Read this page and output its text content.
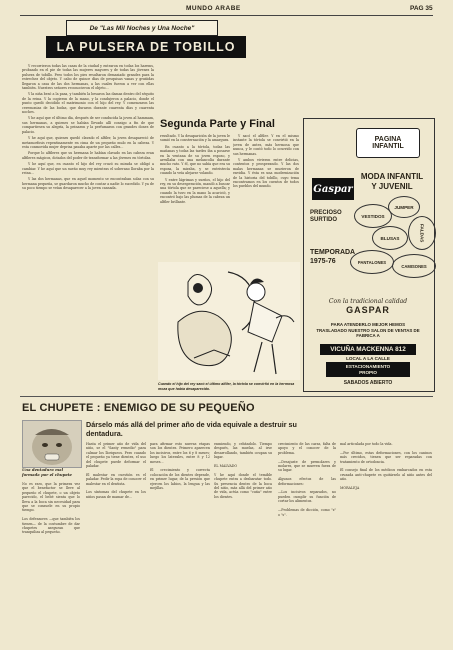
MUNDO ARABE	PAG 35
De "Las Mil Noches y Una Noche"
LA PULSERA DE TOBILLO

Y recorrieron todas las casas de la ciudad y entraron en todas los harems, probando en el pie de todas las mujeres mayores y de todas las jóvenes la pulsera de tobillo. Pero todos los pies resultaron demasiado grandes para la estrechez del objeto. Y cabo de quince días de pesquisas vanas y gruñidas llegaron a casa de las dos hermanas, a las cuales fueron a ver con ellas también. Nuestros señores reconocieron el objeto...

Y la niña besó a la pasa, y también la besaron las damas dentro del séquito de la reina. Y la cogieron de la mano, y la condujeron a palacio, donde el punto quedó decidido el matrimonio con el hijo del rey. Y comenzaron las ceremonias de las bodas, que duraron durante cuarenta días y cuarenta noches.

Y he aquí que el último día, después de ser conducida la joven al hammam, sus hermanas, a quienes se habían llevado allí consigo a fin de que compartiesen su alegría, la peinaron y la perfumaron con grandes dones de palacio.

Y he aquí que, quienes quedó clavado el alfiler, la joven desapareció de metamorfosis repentinamente en cima de un pequeño mulo en la cabeza. Y esta conmovida mujer deprisa pasaba aparte por las calles...

Porque lo alfileres que su hermana le habían clavado en las cabeza eran alfileres mágicos, dotados del poder de transformar a las jóvenes en tórtolas.

Y he aquí que, en cuanto el hijo del rey cruzó su mirada se obligó a cambiar. Y he aquí que un sueño muy rey mientras el soberano lloraba por la reina...

Y las dos hermanas, que en aquel momento se encontraban solas con su hermana pequeña, se guardaron mucho de contar a nadie lo sucedido. Y ya de su poco tiempo se veían desaparecer a la joven cansada.

Segunda Parte y Final

resultado. Y la desaparición de la joven le sumió en la consternación y la amargura.

En cuanto a la tórtola, todas las mañanas y todas las tardes iba a posarse en la ventana de su joven esposo, y arrullaba con una melancolía durante mucho rato. Y él, que no sabía que era su esposa, la miraba, y se entristecía cuando la veía alejarse volando.

Y entre lágrimas y sueños, el hijo del rey, en su desesperación, mandó a buscar una tórtola que se pareciese a aquella; y cuando la tuvo en la mano la acarició, y encontró bajo las plumas de la cabeza un alfiler brillante.

Y sacó el alfiler. Y en el mismo instante la tórtola se convirtió en la joven de antes, más hermosa que nunca, y le contó todo lo ocurrido con sus hermanas.

Y ambos vivieron entre delicias, contentos y prosperando. Y las dos malas hermanas se murieron de envidia. Y ésta es una modernización de la historia del tobillo, cuyo tema encontramos en los cuentos de todos los pueblos del mundo.

Cuando el hijo del rey sacó el último alfiler, la tórtola se convirtió en la hermosa moza que había desaparecido.
PAGINA
INFANTIL
Gaspar
MODA INFANTIL
Y JUVENIL
VESTIDOS
JUMPER
FALDAS
BLUSAS
PANTALONES
CAMISONES
PRECIOSO SURTIDO
TEMPORADA
1975-76
Con la tradicional calidad
GASPAR
PARA ATENDERLO MEJOR HEMOS TRASLADADO NUESTRO SALON DE VENTAS DE FABRICA A
VICUÑA MACKENNA 812
LOCAL A LA CALLE
ESTACIONAMIENTO
PROPIO
SABADOS ABIERTO
EL CHUPETE : ENEMIGO DE SU PEQUEÑO
Dárselo más allá del primer año de vida equivale a destruir su dentadura.
Una dentadura mal formada por el chupete
No es raro, que la primera vez que el benefactor se lleve al pequeño el chupete, o un objeto parecido, el bebé sienta que lo lleva a la boca sin necesidad para que se consuele en su propio tiempo.

Los defensores —que también los tienen— de la costumbre de dar chupetes aseguran que tranquiliza al pequeño.
Hasta el primer año de vida del niño, se el "Santy remedio" para calmar los lloriqueos. Pero cuando el pequeño ya tiene dientes, el uso del chupete puede deformar el paladar.

El malestar en cuestión es el paladar. Pedir la ropa de conocer el malestar en el dentista.

Los síntomas del chupete en los niños pasan de mamar de...
para afirmar esto nuevas etapas son los dientes. Primero aparecen los incisivos, entre los 6 y 8 meses; luego los laterales, entre 8 y 12 meses...

El crecimiento y correcta colocación de los dientes depende, en primer lugar, de la presión que ejercen los labios, la lengua y las mejillas.
enmiendo, y cebándolo. Tiempo después, las muelas, al irse desarrollando, también ocupan su lugar.

EL MALVADO

Y he aquí donde el temible chupete entra a desbaratar todo. Su presencia dentro de la boca del niño, más allá del primer año de vida, actúa como "cuña" entre los dientes.
crecimiento de las caras, falta de apoyo y el conocer de la problema.

—Desajuste de premolares y molares, que se mueven fuera de su lugar.

Algunos efectos de las deformaciones:

—Los incisivos separados, no pueden cumplir su función de cortar los alimentos.

—Problemas de dicción, como "z" o "s".
mal articulada por todo la vida.

—Por último, estas deformaciones, con los caninos más crecidos, tienen que ser reparadas con tratamiento de ortodoncia.

El consejo final de los médicos embarcados en esta cruzada anti-chupete es quitárselo al niño antes del año.

MORALEJA
